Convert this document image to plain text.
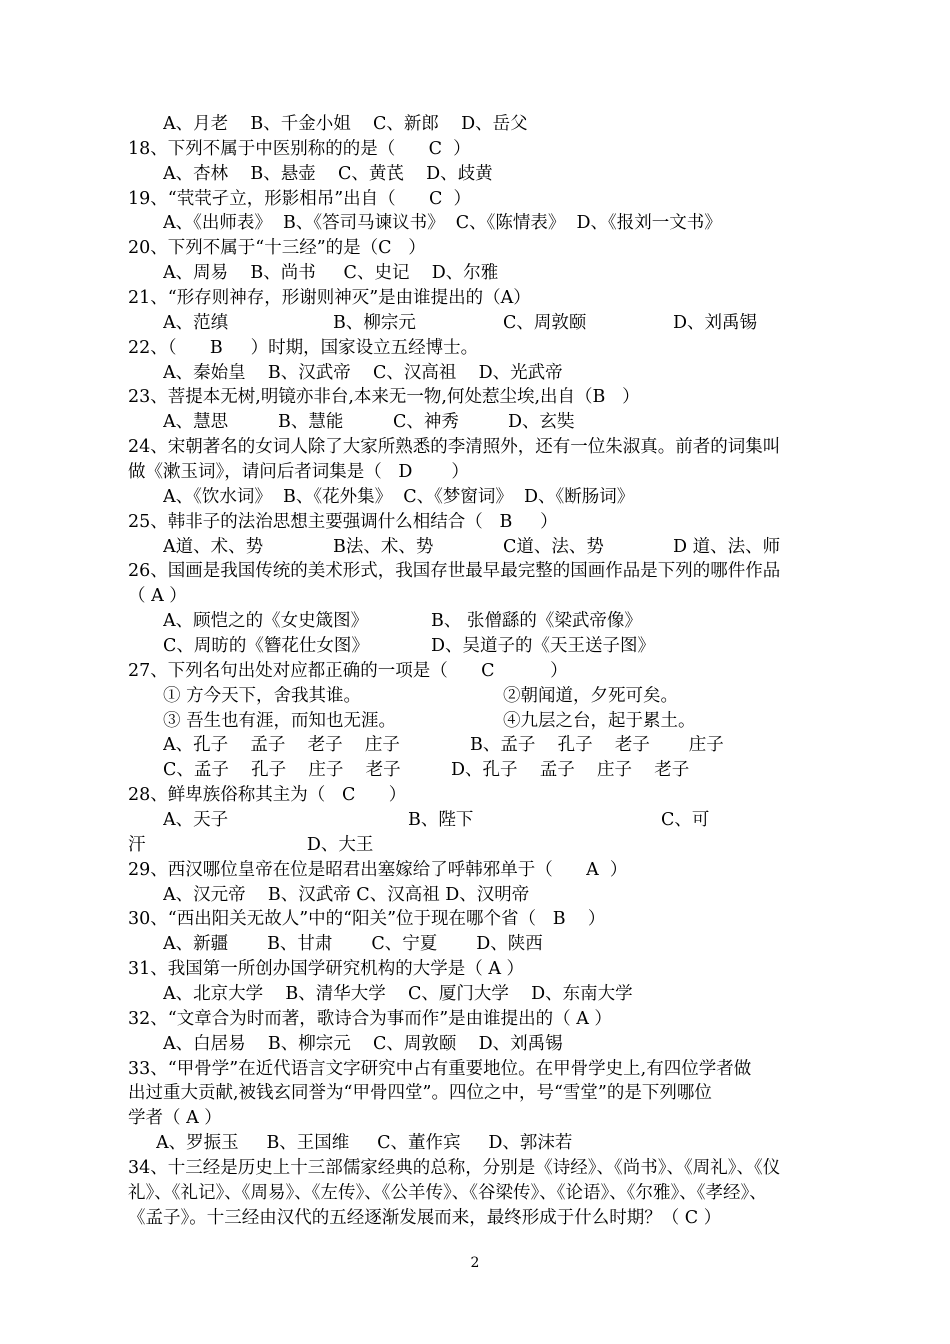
A、月老    B、千金小姐    C、新郎    D、岳父
18、下列不属于中医别称的的是（      C  ）
A、杏林    B、悬壶    C、黄芪    D、歧黄
19、“茕茕孑立，形影相吊”出自（      C  ）
A、《出师表》  B、《答司马谏议书》  C、《陈情表》  D、《报刘一文书》
20、下列不属于“十三经”的是（C   ）
A、周易    B、尚书     C、史记    D、尔雅
21、“形存则神存，形谢则神灭”是由谁提出的（A）
A、范缜	B、柳宗元	C、周敦颐	D、刘禹锡
22、（      B     ）时期，国家设立五经博士。
A、秦始皇    B、汉武帝    C、汉高祖    D、光武帝
23、菩提本无树,明镜亦非台,本来无一物,何处惹尘埃,出自（B   ）
A、慧思	B、慧能	C、神秀	D、玄奘
24、宋朝著名的女词人除了大家所熟悉的李清照外，还有一位朱淑真。前者的词集叫
做《漱玉词》，请问后者词集是（   D       ）
A、《饮水词》  B、《花外集》  C、《梦窗词》  D、《断肠词》
25、韩非子的法治思想主要强调什么相结合（   B     ）
A道、术、势	B法、术、势	C道、法、势	D 道、法、师
26、国画是我国传统的美术形式，我国存世最早最完整的国画作品是下列的哪件作品
（ A ）
A、顾恺之的《女史箴图》	B、 张僧繇的《梁武帝像》
C、周昉的《簪花仕女图》	D、吴道子的《天王送子图》
27、下列名句出处对应都正确的一项是（      C          ）
① 方今天下，舍我其谁。	②朝闻道，夕死可矣。
③ 吾生也有涯，而知也无涯。	④九层之台，起于累土。
A、孔子    孟子    老子    庄子	B、孟子    孔子    老子       庄子
C、孟子    孔子    庄子    老子	D、孔子    孟子    庄子    老子
28、鲜卑族俗称其主为（   C      ）
A、天子	B、陛下	C、可
汗                             D、大王
29、西汉哪位皇帝在位是昭君出塞嫁给了呼韩邪单于（      A  ）
A、汉元帝    B、汉武帝 C、汉高祖 D、汉明帝
30、“西出阳关无故人”中的“阳关”位于现在哪个省（   B    ）
A、新疆       B、甘肃       C、宁夏       D、陕西
31、我国第一所创办国学研究机构的大学是（ A ）
A、北京大学    B、清华大学    C、厦门大学    D、东南大学
32、“文章合为时而著，歌诗合为事而作”是由谁提出的（ A ）
A、白居易    B、柳宗元    C、周敦颐    D、刘禹锡
33、“甲骨学”在近代语言文字研究中占有重要地位。在甲骨学史上,有四位学者做
出过重大贡献,被钱玄同誉为“甲骨四堂”。四位之中，号“雪堂”的是下列哪位
学者（ A ）
A、罗振玉     B、王国维     C、董作宾     D、郭沫若
34、十三经是历史上十三部儒家经典的总称，分别是《诗经》、《尚书》、《周礼》、《仪
礼》、《礼记》、《周易》、《左传》、《公羊传》、《谷梁传》、《论语》、《尔雅》、《孝经》、
《孟子》。十三经由汉代的五经逐渐发展而来，最终形成于什么时期？（ C ）
2
